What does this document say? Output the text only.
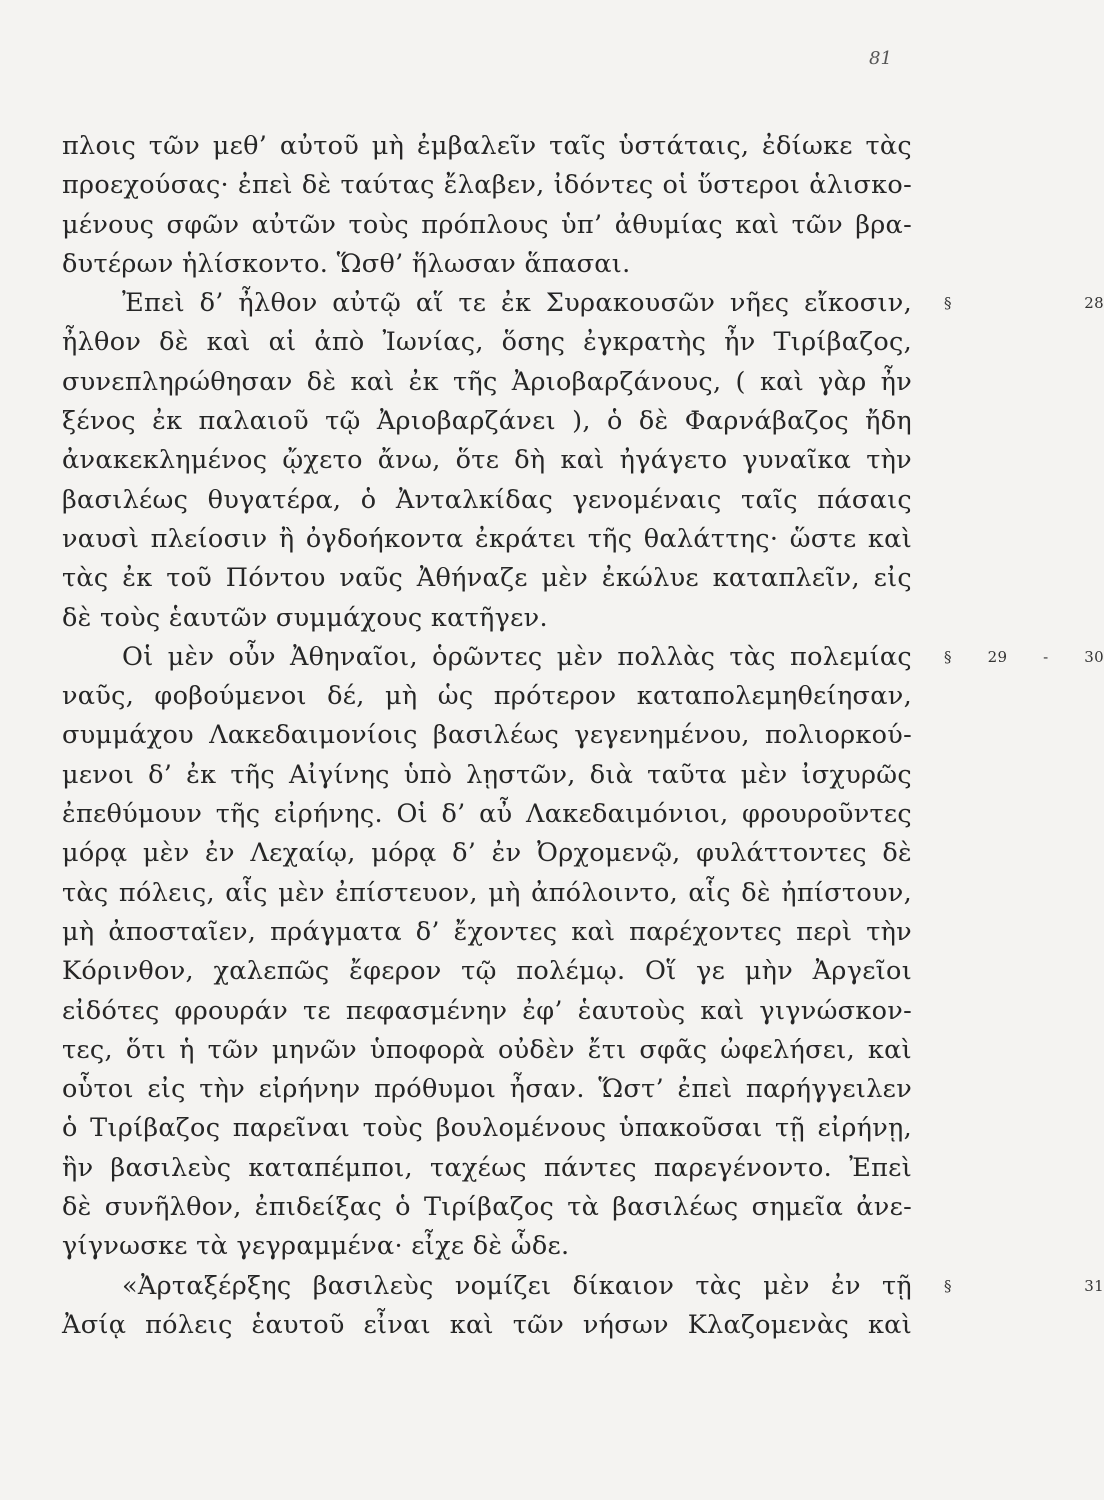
81
πλοις τῶν μεθ’ αὐτοῦ μὴ ἐμβαλεῖν ταῖς ὑστάταις, ἐδίωκε τὰς
προεχούσας· ἐπεὶ δὲ ταύτας ἔλαβεν, ἰδόντες οἱ ὕστεροι ἁλισκο-
μένους σφῶν αὐτῶν τοὺς πρόπλους ὑπ’ ἀθυμίας καὶ τῶν βρα-
δυτέρων ἡλίσκοντο. Ὥσθ’ ἥλωσαν ἅπασαι.
Ἐπεὶ δ’ ἦλθον αὐτῷ αἵ τε ἐκ Συρακουσῶν νῆες εἴκοσιν, § 28
ἦλθον δὲ καὶ αἱ ἀπὸ Ἰωνίας, ὅσης ἐγκρατὴς ἦν Τιρίβαζος,
συνεπληρώθησαν δὲ καὶ ἐκ τῆς Ἀριοβαρζάνους, ( καὶ γὰρ ἦν
ξένος ἐκ παλαιοῦ τῷ Ἀριοβαρζάνει ), ὁ δὲ Φαρνάβαζος ἤδη
ἀνακεκλημένος ᾤχετο ἄνω, ὅτε δὴ καὶ ἠγάγετο γυναῖκα τὴν
βασιλέως θυγατέρα, ὁ Ἀνταλκίδας γενομέναις ταῖς πάσαις
ναυσὶ πλείοσιν ἢ ὀγδοήκοντα ἐκράτει τῆς θαλάττης· ὥστε καὶ
τὰς ἐκ τοῦ Πόντου ναῦς Ἀθήναζε μὲν ἐκώλυε καταπλεῖν, εἰς
δὲ τοὺς ἑαυτῶν συμμάχους κατῆγεν.
Οἱ μὲν οὖν Ἀθηναῖοι, ὁρῶντες μὲν πολλὰς τὰς πολεμίας § 29 - 30
ναῦς, φοβούμενοι δέ, μὴ ὡς πρότερον καταπολεμηθείησαν,
συμμάχου Λακεδαιμονίοις βασιλέως γεγενημένου, πολιορκού-
μενοι δ’ ἐκ τῆς Αἰγίνης ὑπὸ λῃστῶν, διὰ ταῦτα μὲν ἰσχυρῶς
ἐπεθύμουν τῆς εἰρήνης. Οἱ δ’ αὖ Λακεδαιμόνιοι, φρουροῦντες
μόρᾳ μὲν ἐν Λεχαίῳ, μόρᾳ δ’ ἐν Ὀρχομενῷ, φυλάττοντες δὲ
τὰς πόλεις, αἷς μὲν ἐπίστευον, μὴ ἀπόλοιντο, αἷς δὲ ἠπίστουν,
μὴ ἀποσταῖεν, πράγματα δ’ ἔχοντες καὶ παρέχοντες περὶ τὴν
Κόρινθον, χαλεπῶς ἔφερον τῷ πολέμῳ. Οἵ γε μὴν Ἀργεῖοι
εἰδότες φρουράν τε πεφασμένην ἐφ’ ἑαυτοὺς καὶ γιγνώσκον-
τες, ὅτι ἡ τῶν μηνῶν ὑποφορὰ οὐδὲν ἔτι σφᾶς ὠφελήσει, καὶ
οὗτοι εἰς τὴν εἰρήνην πρόθυμοι ἦσαν. Ὥστ’ ἐπεὶ παρήγγειλεν
ὁ Τιρίβαζος παρεῖναι τοὺς βουλομένους ὑπακοῦσαι τῇ εἰρήνῃ,
ἣν βασιλεὺς καταπέμποι, ταχέως πάντες παρεγένοντο. Ἐπεὶ
δὲ συνῆλθον, ἐπιδείξας ὁ Τιρίβαζος τὰ βασιλέως σημεῖα ἀνε-
γίγνωσκε τὰ γεγραμμένα· εἶχε δὲ ὧδε.
«Ἀρταξέρξης βασιλεὺς νομίζει δίκαιον τὰς μὲν ἐν τῇ § 31
Ἀσίᾳ πόλεις ἑαυτοῦ εἶναι καὶ τῶν νήσων Κλαζομενὰς καὶ
